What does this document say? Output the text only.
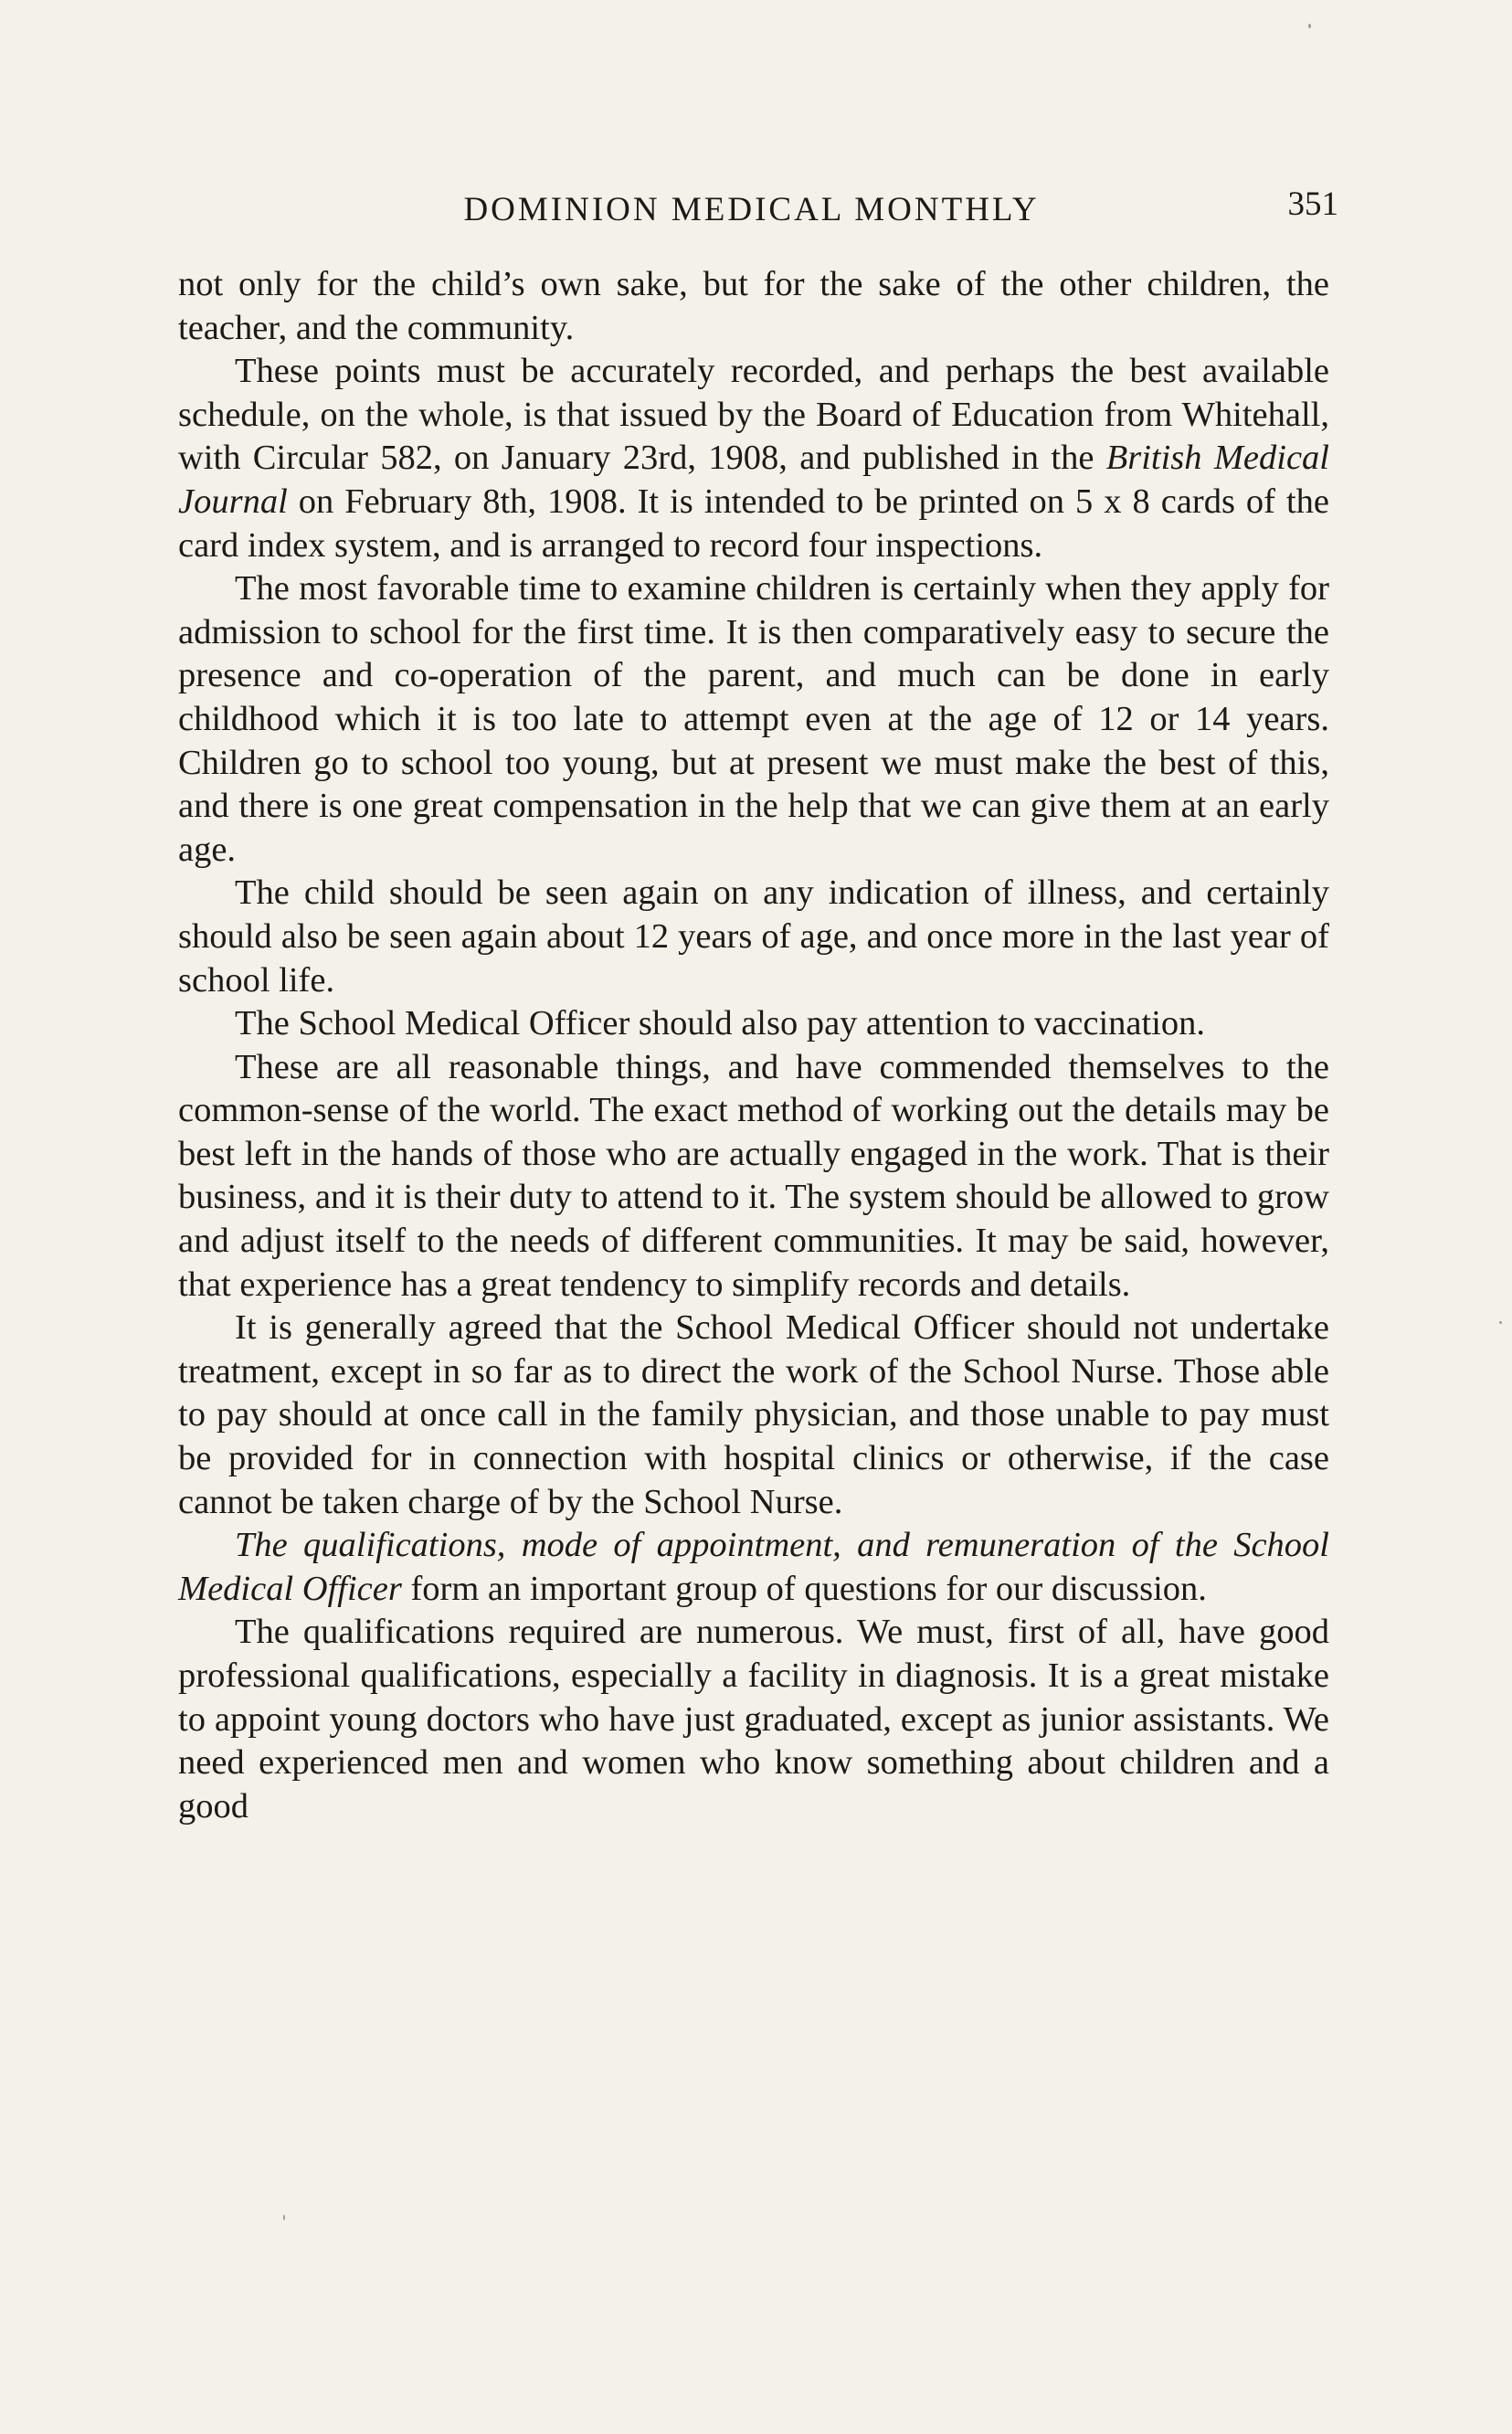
DOMINION MEDICAL MONTHLY	351

not only for the child’s own sake, but for the sake of the other children, the teacher, and the community.

These points must be accurately recorded, and perhaps the best available schedule, on the whole, is that issued by the Board of Education from Whitehall, with Circular 582, on January 23rd, 1908, and published in the British Medical Journal on February 8th, 1908. It is intended to be printed on 5 x 8 cards of the card index system, and is arranged to record four inspections.

The most favorable time to examine children is certainly when they apply for admission to school for the first time. It is then comparatively easy to secure the presence and co-operation of the parent, and much can be done in early childhood which it is too late to attempt even at the age of 12 or 14 years. Children go to school too young, but at present we must make the best of this, and there is one great compensation in the help that we can give them at an early age.

The child should be seen again on any indication of illness, and certainly should also be seen again about 12 years of age, and once more in the last year of school life.

The School Medical Officer should also pay attention to vaccination.

These are all reasonable things, and have commended themselves to the common-sense of the world. The exact method of working out the details may be best left in the hands of those who are actually engaged in the work. That is their business, and it is their duty to attend to it. The system should be allowed to grow and adjust itself to the needs of different communities. It may be said, however, that experience has a great tendency to simplify records and details.

It is generally agreed that the School Medical Officer should not undertake treatment, except in so far as to direct the work of the School Nurse. Those able to pay should at once call in the family physician, and those unable to pay must be provided for in connection with hospital clinics or otherwise, if the case cannot be taken charge of by the School Nurse.

The qualifications, mode of appointment, and remuneration of the School Medical Officer form an important group of questions for our discussion.

The qualifications required are numerous. We must, first of all, have good professional qualifications, especially a facility in diagnosis. It is a great mistake to appoint young doctors who have just graduated, except as junior assistants. We need experienced men and women who know something about children and a good
